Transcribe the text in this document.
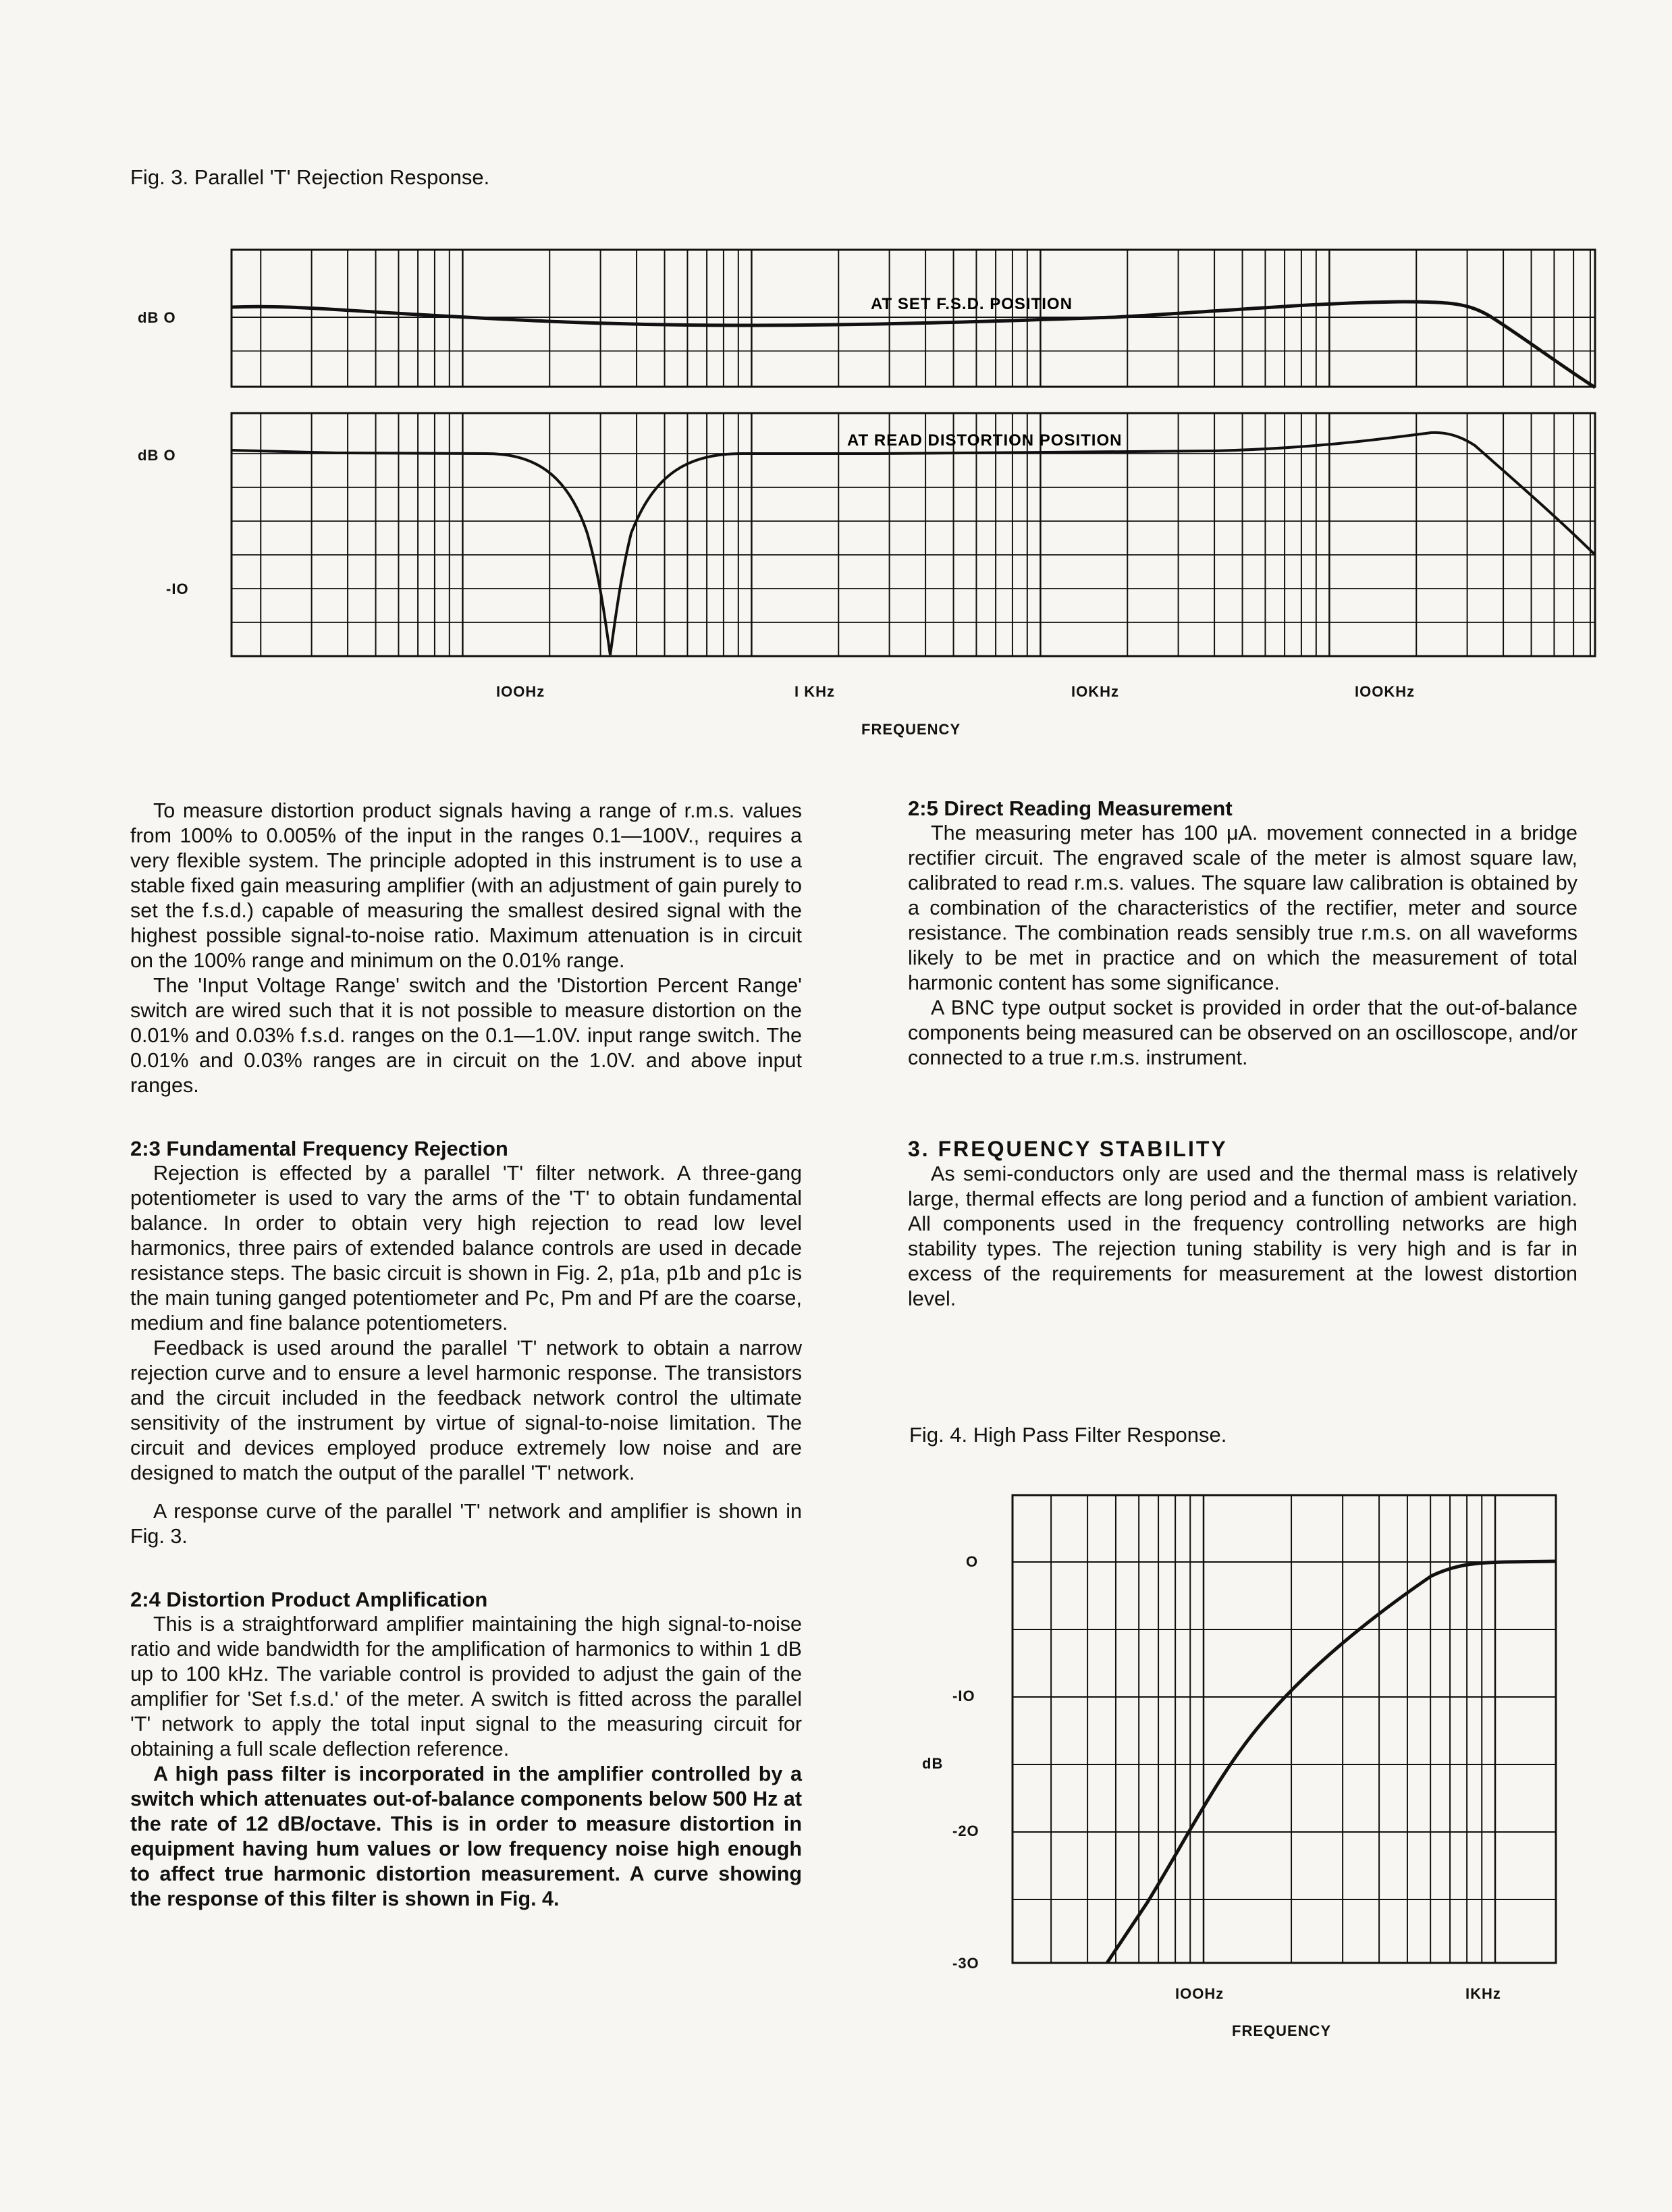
Fig. 3. Parallel 'T' Rejection Response.
AT SET F.S.D. POSITION
AT READ DISTORTION POSITION
dB O
dB O
-IO
IOOHz	I KHz	IOKHz	IOOKHz
FREQUENCY

To measure distortion product signals having a range of r.m.s. values from 100% to 0.005% of the input in the ranges 0.1—100V., requires a very flexible system. The principle adopted in this instrument is to use a stable fixed gain measuring amplifier (with an adjustment of gain purely to set the f.s.d.) capable of measuring the smallest desired signal with the highest possible signal-to-noise ratio. Maximum attenuation is in circuit on the 100% range and minimum on the 0.01% range.

The 'Input Voltage Range' switch and the 'Distortion Percent Range' switch are wired such that it is not possible to measure distortion on the 0.01% and 0.03% f.s.d. ranges on the 0.1—1.0V. input range switch. The 0.01% and 0.03% ranges are in circuit on the 1.0V. and above input ranges.

2:3 Fundamental Frequency Rejection

Rejection is effected by a parallel 'T' filter network. A three-gang potentiometer is used to vary the arms of the 'T' to obtain fundamental balance. In order to obtain very high rejection to read low level harmonics, three pairs of extended balance controls are used in decade resistance steps. The basic circuit is shown in Fig. 2, p1a, p1b and p1c is the main tuning ganged potentiometer and Pc, Pm and Pf are the coarse, medium and fine balance potentiometers.

Feedback is used around the parallel 'T' network to obtain a narrow rejection curve and to ensure a level harmonic response. The transistors and the circuit included in the feedback network control the ultimate sensitivity of the instrument by virtue of signal-to-noise limitation. The circuit and devices employed produce extremely low noise and are designed to match the output of the parallel 'T' network.

A response curve of the parallel 'T' network and amplifier is shown in Fig. 3.

2:4 Distortion Product Amplification

This is a straightforward amplifier maintaining the high signal-to-noise ratio and wide bandwidth for the amplification of harmonics to within 1 dB up to 100 kHz. The variable control is provided to adjust the gain of the amplifier for 'Set f.s.d.' of the meter. A switch is fitted across the parallel 'T' network to apply the total input signal to the measuring circuit for obtaining a full scale deflection reference.

A high pass filter is incorporated in the amplifier controlled by a switch which attenuates out-of-balance components below 500 Hz at the rate of 12 dB/octave. This is in order to measure distortion in equipment having hum values or low frequency noise high enough to affect true harmonic distortion measurement. A curve showing the response of this filter is shown in Fig. 4.

2:5 Direct Reading Measurement

The measuring meter has 100 μA. movement connected in a bridge rectifier circuit. The engraved scale of the meter is almost square law, calibrated to read r.m.s. values. The square law calibration is obtained by a combination of the characteristics of the rectifier, meter and source resistance. The combination reads sensibly true r.m.s. on all waveforms likely to be met in practice and on which the measurement of total harmonic content has some significance.

A BNC type output socket is provided in order that the out-of-balance components being measured can be observed on an oscilloscope, and/or connected to a true r.m.s. instrument.

3. FREQUENCY STABILITY

As semi-conductors only are used and the thermal mass is relatively large, thermal effects are long period and a function of ambient variation. All components used in the frequency controlling networks are high stability types. The rejection tuning stability is very high and is far in excess of the requirements for measurement at the lowest distortion level.

Fig. 4. High Pass Filter Response.
O
-IO
dB
-2O
-3O
IOOHz	IKHz
FREQUENCY
